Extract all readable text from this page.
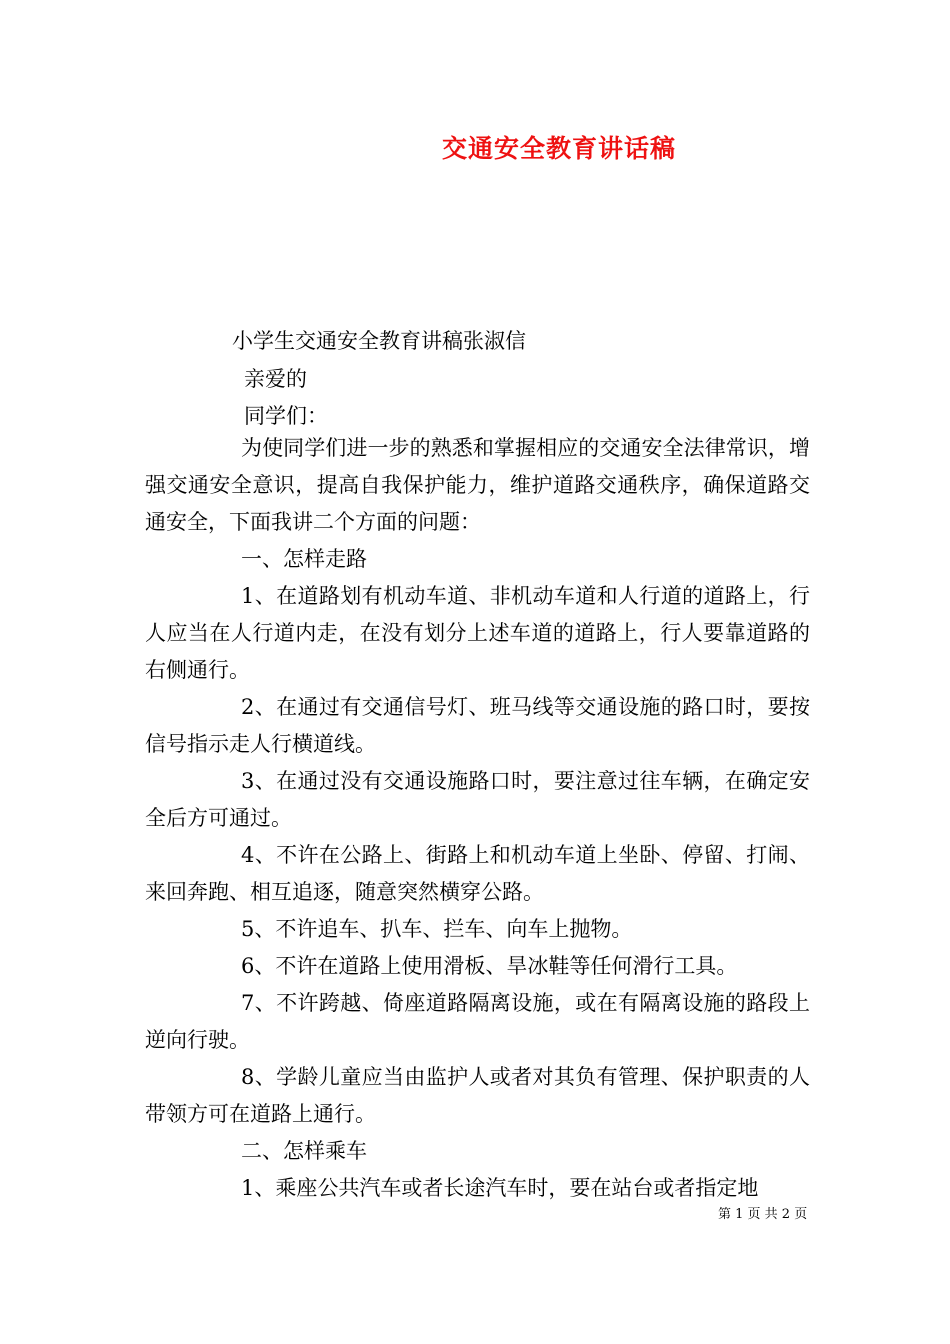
交通安全教育讲话稿
小学生交通安全教育讲稿张淑信
亲爱的
同学们：
为使同学们进一步的熟悉和掌握相应的交通安全法律常识，增强交通安全意识，提高自我保护能力，维护道路交通秩序，确保道路交通安全，下面我讲二个方面的问题：
一、怎样走路
1、在道路划有机动车道、非机动车道和人行道的道路上，行人应当在人行道内走，在没有划分上述车道的道路上，行人要靠道路的右侧通行。
2、在通过有交通信号灯、班马线等交通设施的路口时，要按信号指示走人行横道线。
3、在通过没有交通设施路口时，要注意过往车辆，在确定安全后方可通过。
4、不许在公路上、街路上和机动车道上坐卧、停留、打闹、来回奔跑、相互追逐，随意突然横穿公路。
5、不许追车、扒车、拦车、向车上抛物。
6、不许在道路上使用滑板、旱冰鞋等任何滑行工具。
7、不许跨越、倚座道路隔离设施，或在有隔离设施的路段上逆向行驶。
8、学龄儿童应当由监护人或者对其负有管理、保护职责的人带领方可在道路上通行。
二、怎样乘车
1、乘座公共汽车或者长途汽车时，要在站台或者指定地
第 1 页 共 2 页
